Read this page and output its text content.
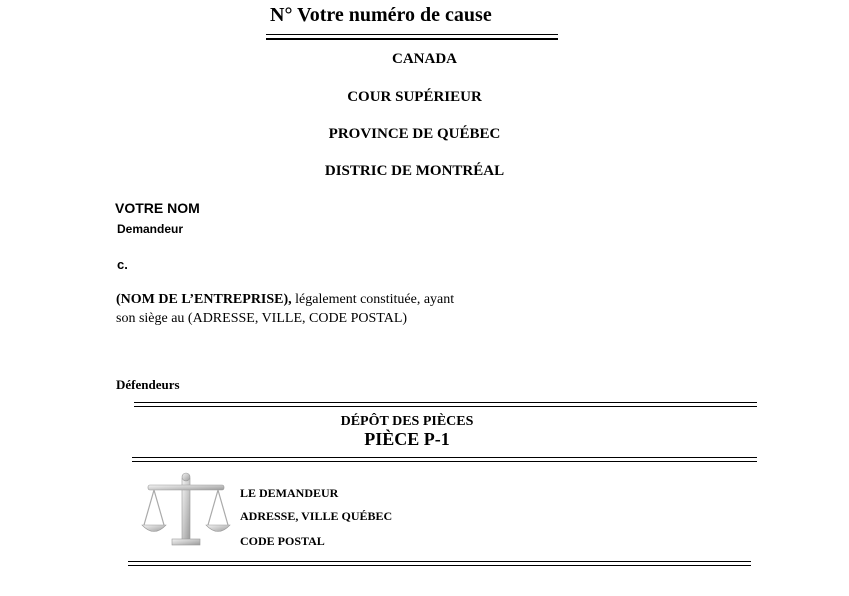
N° Votre numéro de cause
CANADA
COUR SUPÉRIEUR
PROVINCE DE QUÉBEC
DISTRIC DE MONTRÉAL
VOTRE NOM
Demandeur
c.
(NOM DE L’ENTREPRISE), légalement constituée, ayant
son siège au (ADRESSE, VILLE, CODE POSTAL)
Défendeurs
DÉPÔT DES PIÈCES
PIÈCE P-1
LE DEMANDEUR
ADRESSE, VILLE QUÉBEC
CODE POSTAL
